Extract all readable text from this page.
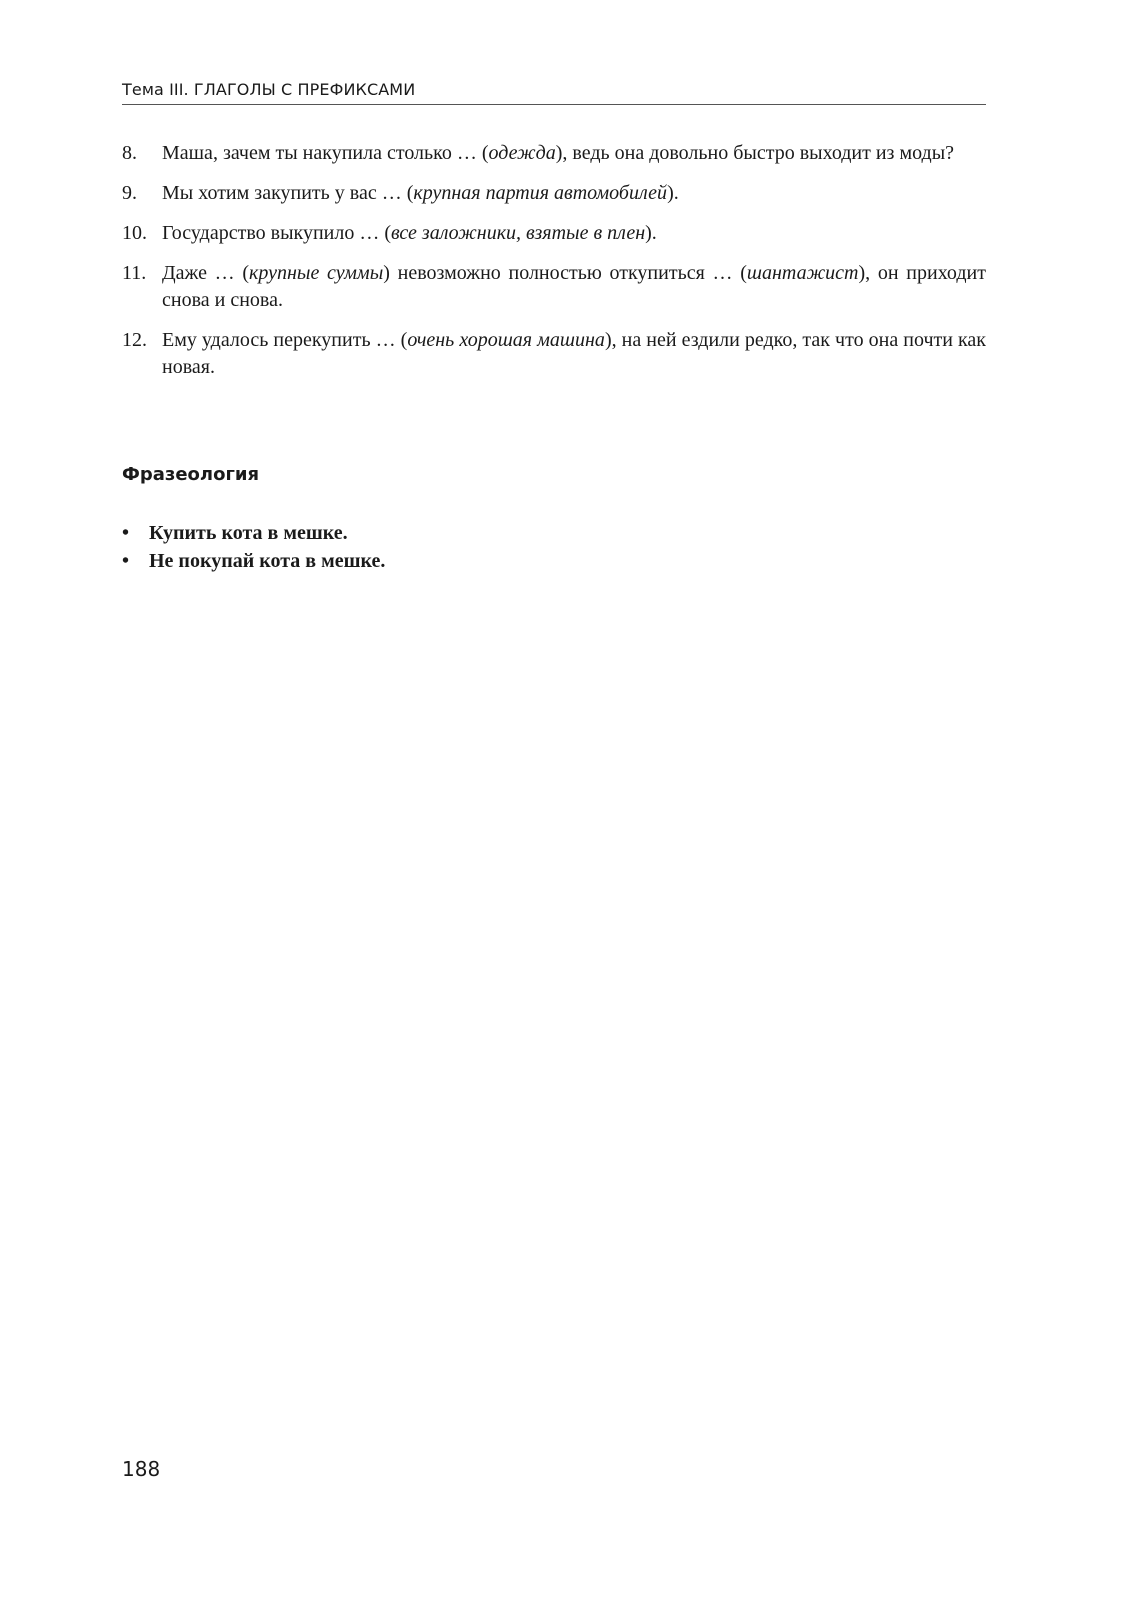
Тема III. ГЛАГОЛЫ С ПРЕФИКСАМИ
8. Маша, зачем ты накупила столько … (одежда), ведь она довольно быстро выходит из моды?
9. Мы хотим закупить у вас … (крупная партия автомобилей).
10. Государство выкупило … (все заложники, взятые в плен).
11. Даже … (крупные суммы) невозможно полностью откупиться … (шантажист), он приходит снова и снова.
12. Ему удалось перекупить … (очень хорошая машина), на ней ездили редко, так что она почти как новая.
Фразеология
• Купить кота в мешке.
• Не покупай кота в мешке.
188
